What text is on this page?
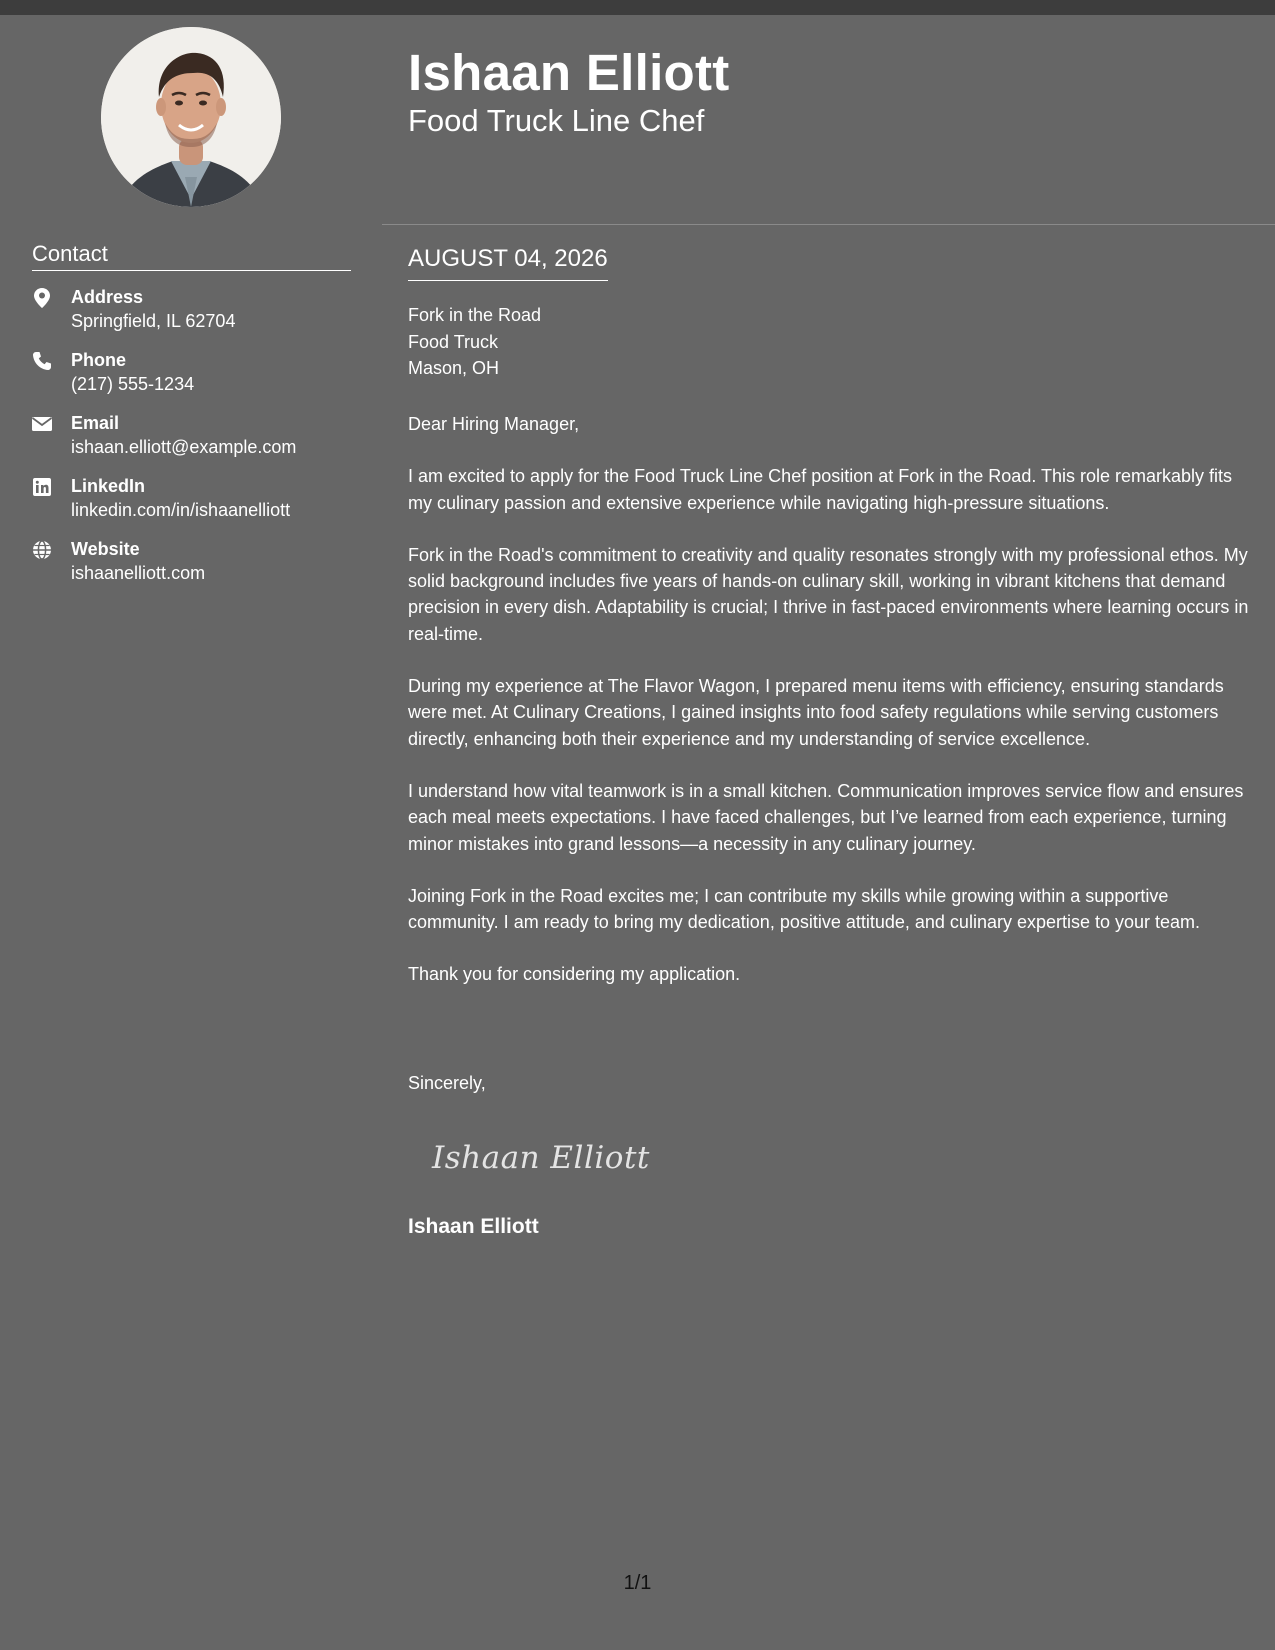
Contact
Address
Springfield, IL 62704
Phone
(217) 555-1234
Email
ishaan.elliott@example.com
LinkedIn
linkedin.com/in/ishaanelliott
Website
ishaanelliott.com
Ishaan Elliott
Food Truck Line Chef
AUGUST 04, 2026
Fork in the Road
Food Truck
Mason, OH

Dear Hiring Manager,

I am excited to apply for the Food Truck Line Chef position at Fork in the Road. This role remarkably fits my culinary passion and extensive experience while navigating high-pressure situations.

Fork in the Road's commitment to creativity and quality resonates strongly with my professional ethos. My solid background includes five years of hands-on culinary skill, working in vibrant kitchens that demand precision in every dish. Adaptability is crucial; I thrive in fast-paced environments where learning occurs in real-time.

During my experience at The Flavor Wagon, I prepared menu items with efficiency, ensuring standards were met. At Culinary Creations, I gained insights into food safety regulations while serving customers directly, enhancing both their experience and my understanding of service excellence.

I understand how vital teamwork is in a small kitchen. Communication improves service flow and ensures each meal meets expectations. I have faced challenges, but I’ve learned from each experience, turning minor mistakes into grand lessons—a necessity in any culinary journey.

Joining Fork in the Road excites me; I can contribute my skills while growing within a supportive community. I am ready to bring my dedication, positive attitude, and culinary expertise to your team.

Thank you for considering my application.

Sincerely,
Ishaan Elliott
Ishaan Elliott
1/1
